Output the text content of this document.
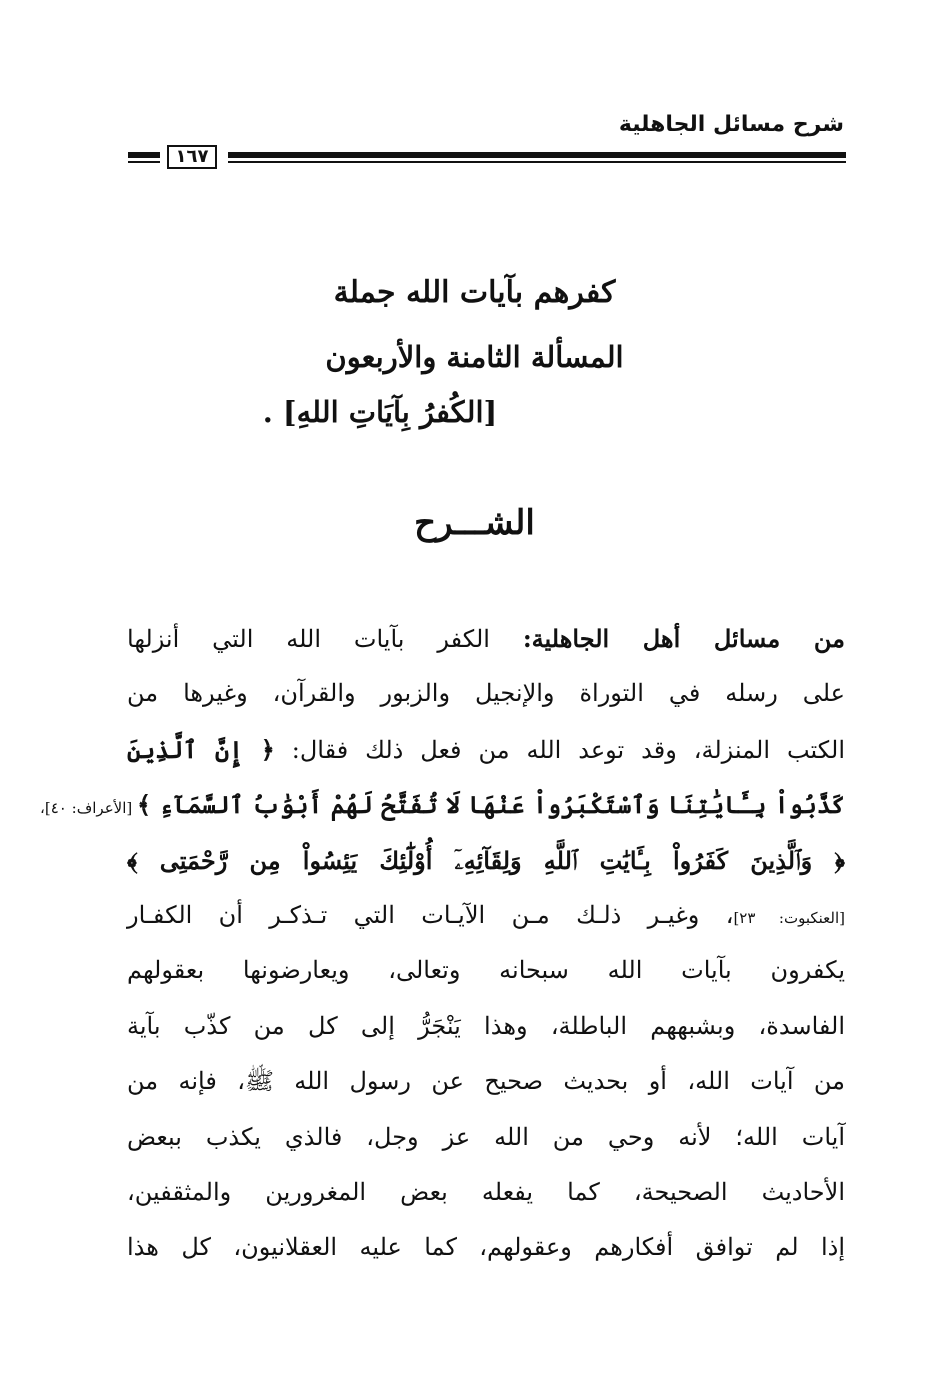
شرح مسائل الجاهلية
١٦٧
كفرهم بآيات الله جملة
المسألة الثامنة والأربعون
[الكُفرُ بِآيَاتِ اللهِ] .
الشـــرح
من مسائل أهل الجاهلية: الكفر بآيات الله التي أنزلها
على رسله في التوراة والإنجيل والزبور والقرآن، وغيرها من
الكتب المنزلة، وقد توعد الله من فعل ذلك فقال: ﴿ إِنَّ ٱلَّذِينَ
كَذَّبُواْ بِـَٔايَٰتِنَا وَٱسْتَكْبَرُواْ عَنْهَا لَا تُفَتَّحُ لَهُمْ أَبْوَٰبُ ٱلسَّمَآءِ ﴾ [الأعراف: ٤٠]،
﴿ وَٱلَّذِينَ كَفَرُواْ بِـَٔايَٰتِ ٱللَّهِ وَلِقَآئِهِۦٓ أُوْلَٰٓئِكَ يَئِسُواْ مِن رَّحْمَتِى ﴾
[العنكبوت: ٢٣]، وغيـر ذلـك مـن الآيـات التي تـذكـر أن الكفـار
يكفرون بآيات الله سبحانه وتعالى، ويعارضونها بعقولهم
الفاسدة، وبشبههم الباطلة، وهذا يَنْجَرُّ إلى كل من كذّب بآية
من آيات الله، أو بحديث صحيح عن رسول الله ﷺ، فإنه من
آيات الله؛ لأنه وحي من الله عز وجل، فالذي يكذب ببعض
الأحاديث الصحيحة، كما يفعله بعض المغرورين والمثقفين،
إذا لم توافق أفكارهم وعقولهم، كما عليه العقلانيون، كل هذا
